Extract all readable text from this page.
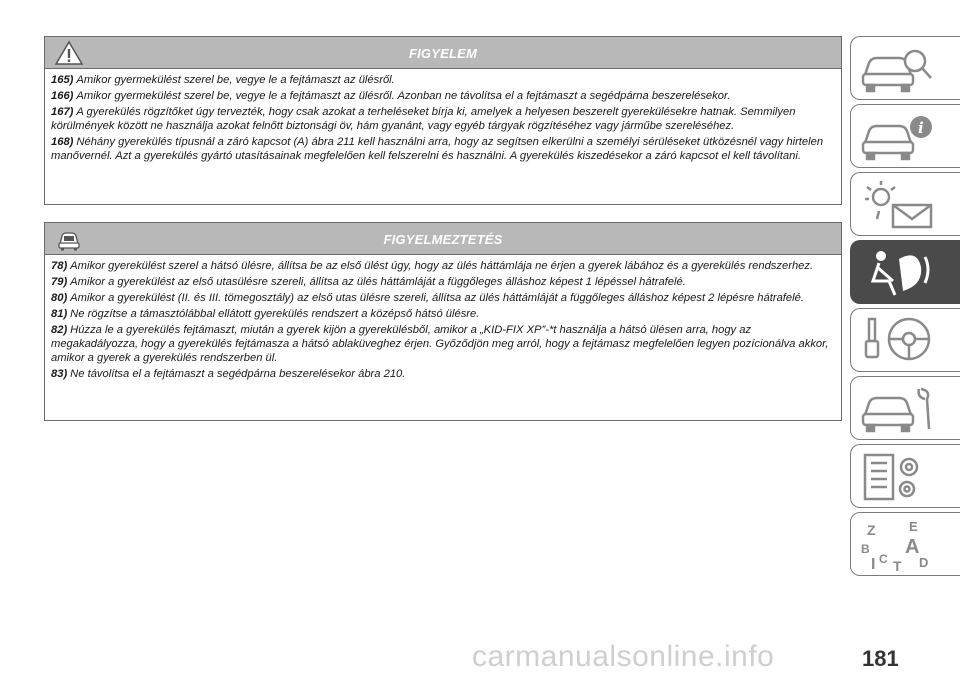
FIGYELEM

165) Amikor gyermekülést szerel be, vegye le a fejtámaszt az ülésről.

166) Amikor gyermekülést szerel be, vegye le a fejtámaszt az ülésről. Azonban ne távolítsa el a fejtámaszt a segédpárna beszerelésekor.

167) A gyerekülés rögzítőket úgy tervezték, hogy csak azokat a terheléseket bírja ki, amelyek a helyesen beszerelt gyerekülésekre hatnak. Semmilyen körülmények között ne használja azokat felnőtt biztonsági öv, hám gyanánt, vagy egyéb tárgyak rögzítéséhez vagy járműbe szereléséhez.

168) Néhány gyerekülés típusnál a záró kapcsot (A) ábra 211 kell használni arra, hogy az segítsen elkerülni a személyi sérüléseket ütközésnél vagy hirtelen manővernél. Azt a gyerekülés gyártó utasításainak megfelelően kell felszerelni és használni. A gyerekülés kiszedésekor a záró kapcsot el kell távolítani.

FIGYELMEZTETÉS

78) Amikor gyerekülést szerel a hátsó ülésre, állítsa be az első ülést úgy, hogy az ülés háttámlája ne érjen a gyerek lábához és a gyerekülés rendszerhez.

79) Amikor a gyerekülést az első utasülésre szereli, állítsa az ülés háttámláját a függőleges álláshoz képest 1 lépéssel hátrafelé.

80) Amikor a gyerekülést (II. és III. tömegosztály) az első utas ülésre szereli, állítsa az ülés háttámláját a függőleges álláshoz képest 2 lépésre hátrafelé.

81) Ne rögzítse a támasztólábbal ellátott gyerekülés rendszert a középső hátsó ülésre.

82) Húzza le a gyerekülés fejtámaszt, miután a gyerek kijön a gyerekülésből, amikor a „KID-FIX XP”-*t használja a hátsó ülésen arra, hogy az megakadályozza, hogy a gyerekülés fejtámasza a hátsó ablaküveghez érjen. Győződjön meg arról, hogy a fejtámasz megfelelően legyen pozícionálva akkor, amikor a gyerek a gyerekülés rendszerben ül.

83) Ne távolítsa el a fejtámaszt a segédpárna beszerelésekor ábra 210.

i
Z	E
B A
I C T D
carmanualsonline.info	181
